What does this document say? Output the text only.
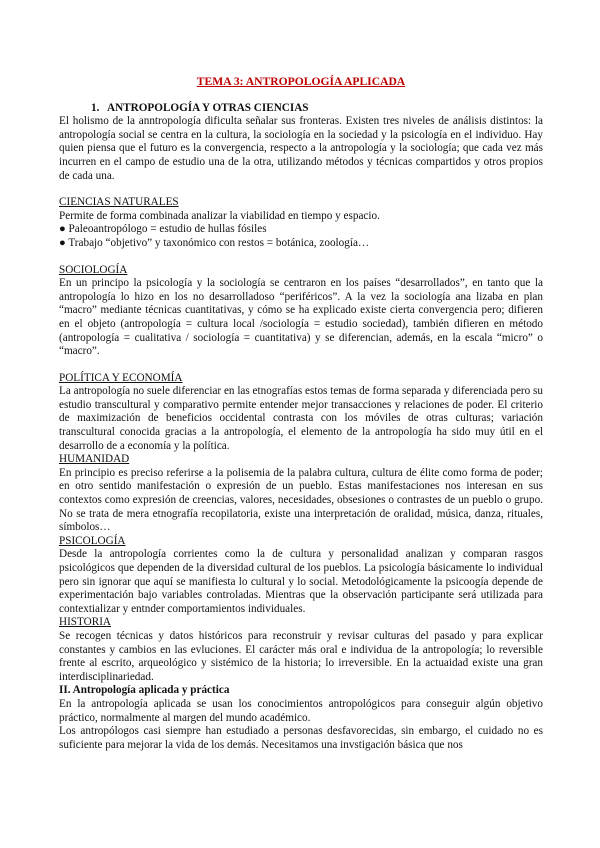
TEMA 3: ANTROPOLOGÍA APLICADA

1. ANTROPOLOGÍA Y OTRAS CIENCIAS

El holismo de la anntropología dificulta señalar sus fronteras. Existen tres niveles de análisis distintos: la antropología social se centra en la cultura, la sociología en la sociedad y la psicología en el individuo. Hay quien piensa que el futuro es la convergencia, respecto a la antropología y la sociología; que cada vez más incurren en el campo de estudio una de la otra, utilizando métodos y técnicas compartidos y otros propios de cada una.

CIENCIAS NATURALES

Permite de forma combinada analizar la viabilidad en tiempo y espacio.

● Paleoantropólogo = estudio de hullas fósiles

● Trabajo “objetivo” y taxonómico con restos = botánica, zoología…

SOCIOLOGÍA

En un principo la psicología y la sociología se centraron en los países “desarrollados”, en tanto que la antropología lo hizo en los no desarrolladoso “periféricos”. A la vez la sociología ana lizaba en plan “macro” mediante técnicas cuantitativas, y cómo se ha explicado existe cierta convergencia pero; difieren en el objeto (antropología = cultura local /sociología = estudio sociedad), también difieren en método (antropología = cualitativa / sociología = cuantitativa) y se diferencian, además, en la escala “micro” o “macro”.

POLÍTICA Y ECONOMÍA

La antropología no suele diferenciar en las etnografías estos temas de forma separada y diferenciada pero su estudio transcultural y comparativo permite entender mejor transacciones y relaciones de poder. El criterio de maximización de beneficios occidental contrasta con los móviles de otras culturas; variación transcultural conocida gracias a la antropología, el elemento de la antropología ha sido muy útil en el desarrollo de a economía y la política.

HUMANIDAD

En principio es preciso referirse a la polisemia de la palabra cultura, cultura de élite como forma de poder; en otro sentido manifestación o expresión de un pueblo. Estas manifestaciones nos interesan en sus contextos como expresión de creencias, valores, necesidades, obsesiones o contrastes de un pueblo o grupo. No se trata de mera etnografía recopilatoria, existe una interpretación de oralidad, música, danza, rituales, símbolos…

PSICOLOGÍA

Desde la antropología corrientes como la de cultura y personalidad analizan y comparan rasgos psicológicos que dependen de la diversidad cultural de los pueblos. La psicología básicamente lo individual pero sin ignorar que aquí se manifiesta lo cultural y lo social. Metodológicamente la psicoogía depende de experimentación bajo variables controladas. Mientras que la observación participante será utilizada para contextializar y entnder comportamientos individuales.

HISTORIA

Se recogen técnicas y datos históricos para reconstruir y revisar culturas del pasado y para explicar constantes y cambios en las evluciones. El carácter más oral e individua de la antropología; lo reversible frente al escrito, arqueológico y sistémico de la historia; lo irreversible. En la actuaidad existe una gran interdisciplinariedad.

II. Antropología aplicada y práctica

En la antropología aplicada se usan los conocimientos antropológicos para conseguir algún objetivo práctico, normalmente al margen del mundo académico.

Los antropólogos casi siempre han estudiado a personas desfavorecidas, sin embargo, el cuidado no es suficiente para mejorar la vida de los demás. Necesitamos una invstigación básica que nos
